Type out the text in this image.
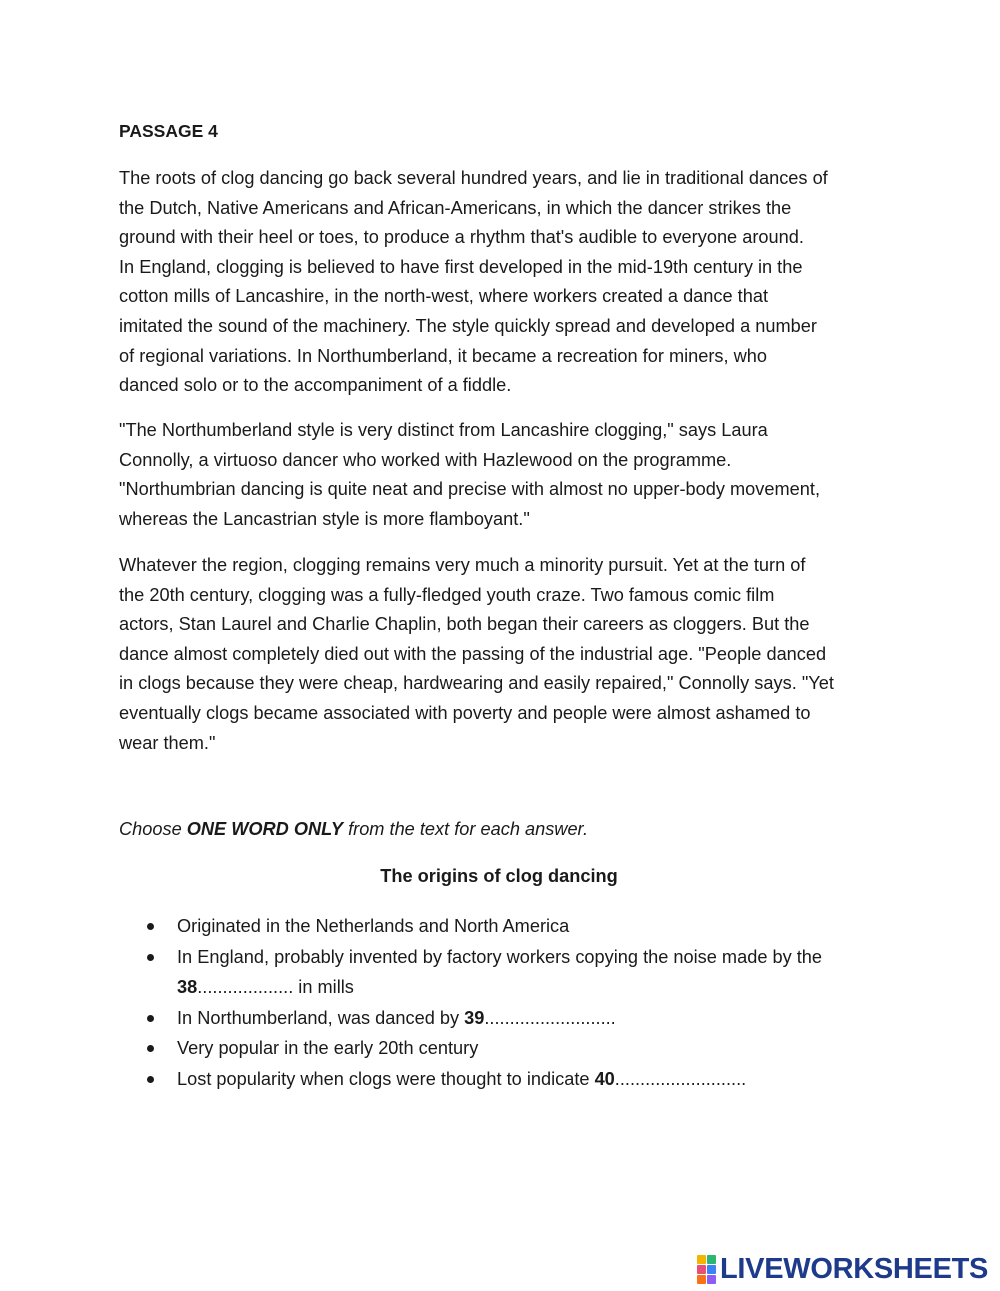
PASSAGE 4

The roots of clog dancing go back several hundred years, and lie in traditional dances of
the Dutch, Native Americans and African-Americans, in which the dancer strikes the
ground with their heel or toes, to produce a rhythm that's audible to everyone around.
In England, clogging is believed to have first developed in the mid-19th century in the
cotton mills of Lancashire, in the north-west, where workers created a dance that
imitated the sound of the machinery. The style quickly spread and developed a number
of regional variations. In Northumberland, it became a recreation for miners, who
danced solo or to the accompaniment of a fiddle.

"The Northumberland style is very distinct from Lancashire clogging," says Laura
Connolly, a virtuoso dancer who worked with Hazlewood on the programme.
"Northumbrian dancing is quite neat and precise with almost no upper-body movement,
whereas the Lancastrian style is more flamboyant."

Whatever the region, clogging remains very much a minority pursuit. Yet at the turn of
the 20th century, clogging was a fully-fledged youth craze. Two famous comic film
actors, Stan Laurel and Charlie Chaplin, both began their careers as cloggers. But the
dance almost completely died out with the passing of the industrial age. "People danced
in clogs because they were cheap, hardwearing and easily repaired," Connolly says. "Yet
eventually clogs became associated with poverty and people were almost ashamed to
wear them."

Choose ONE WORD ONLY from the text for each answer.
The origins of clog dancing
Originated in the Netherlands and North America
In England, probably invented by factory workers copying the noise made by the
38................... in mills
In Northumberland, was danced by 39..........................
Very popular in the early 20th century
Lost popularity when clogs were thought to indicate 40..........................
LIVEWORKSHEETS
